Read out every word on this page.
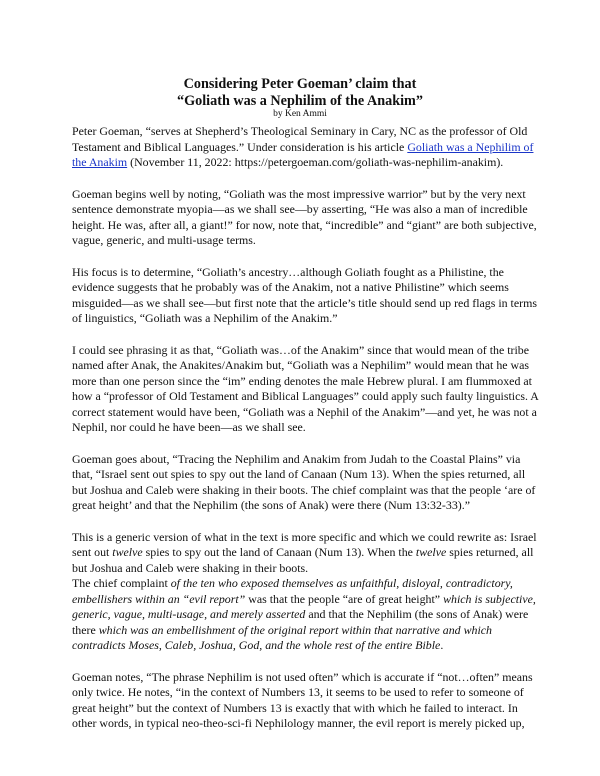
Considering Peter Goeman’ claim that
“Goliath was a Nephilim of the Anakim”
by Ken Ammi

Peter Goeman, “serves at Shepherd’s Theological Seminary in Cary, NC as the professor of Old Testament and Biblical Languages.” Under consideration is his article Goliath was a Nephilim of the Anakim (November 11, 2022: https://petergoeman.com/goliath-was-nephilim-anakim).

Goeman begins well by noting, “Goliath was the most impressive warrior” but by the very next sentence demonstrate myopia—as we shall see—by asserting, “He was also a man of incredible height. He was, after all, a giant!” for now, note that, “incredible” and “giant” are both subjective, vague, generic, and multi-usage terms.

His focus is to determine, “Goliath’s ancestry…although Goliath fought as a Philistine, the evidence suggests that he probably was of the Anakim, not a native Philistine” which seems misguided—as we shall see—but first note that the article’s title should send up red flags in terms of linguistics, “Goliath was a Nephilim of the Anakim.”

I could see phrasing it as that, “Goliath was…of the Anakim” since that would mean of the tribe named after Anak, the Anakites/Anakim but, “Goliath was a Nephilim” would mean that he was more than one person since the “im” ending denotes the male Hebrew plural. I am flummoxed at how a “professor of Old Testament and Biblical Languages” could apply such faulty linguistics. A correct statement would have been, “Goliath was a Nephil of the Anakim”—and yet, he was not a Nephil, nor could he have been—as we shall see.

Goeman goes about, “Tracing the Nephilim and Anakim from Judah to the Coastal Plains” via that, “Israel sent out spies to spy out the land of Canaan (Num 13). When the spies returned, all but Joshua and Caleb were shaking in their boots. The chief complaint was that the people ‘are of great height’ and that the Nephilim (the sons of Anak) were there (Num 13:32-33).”

This is a generic version of what in the text is more specific and which we could rewrite as: Israel sent out twelve spies to spy out the land of Canaan (Num 13). When the twelve spies returned, all but Joshua and Caleb were shaking in their boots.

The chief complaint of the ten who exposed themselves as unfaithful, disloyal, contradictory, embellishers within an “evil report” was that the people “are of great height” which is subjective, generic, vague, multi-usage, and merely asserted and that the Nephilim (the sons of Anak) were there which was an embellishment of the original report within that narrative and which contradicts Moses, Caleb, Joshua, God, and the whole rest of the entire Bible.

Goeman notes, “The phrase Nephilim is not used often” which is accurate if “not…often” means only twice. He notes, “in the context of Numbers 13, it seems to be used to refer to someone of great height” but the context of Numbers 13 is exactly that with which he failed to interact. In other words, in typical neo-theo-sci-fi Nephilology manner, the evil report is merely picked up,
